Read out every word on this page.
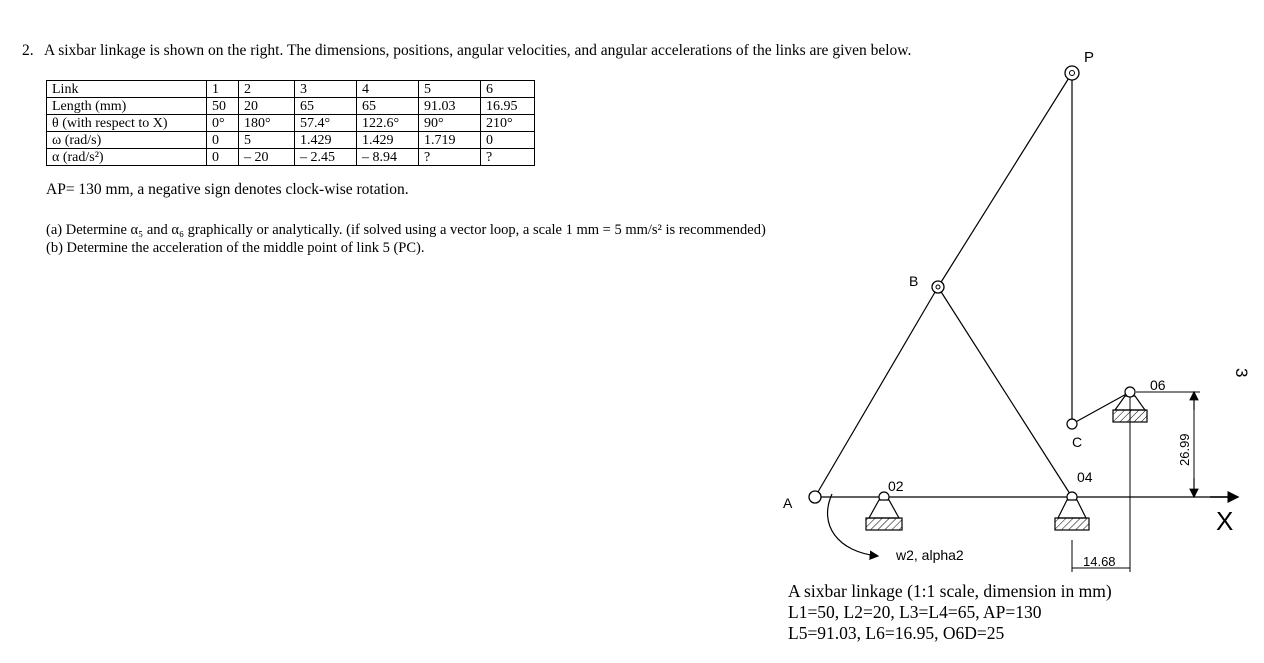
2. A sixbar linkage is shown on the right. The dimensions, positions, angular velocities, and angular accelerations of the links are given below.
Link	1	2	3	4	5	6
Length (mm)	50	20	65	65	91.03	16.95
θ (with respect to X)	0°	180°	57.4°	122.6°	90°	210°
ω (rad/s)	0	5	1.429	1.429	1.719	0
α (rad/s²)	0	– 20	– 2.45	– 8.94	?	?
AP= 130 mm, a negative sign denotes clock-wise rotation.
(a) Determine α₅ and α₆ graphically or analytically. (if solved using a vector loop, a scale 1 mm = 5 mm/s² is recommended)
(b) Determine the acceleration of the middle point of link 5 (PC).
P
B
C
A
02
04
06
X
w2, alpha2	14.68
26.99
3
A sixbar linkage (1:1 scale, dimension in mm)
L1=50, L2=20, L3=L4=65, AP=130
L5=91.03, L6=16.95, O6D=25
